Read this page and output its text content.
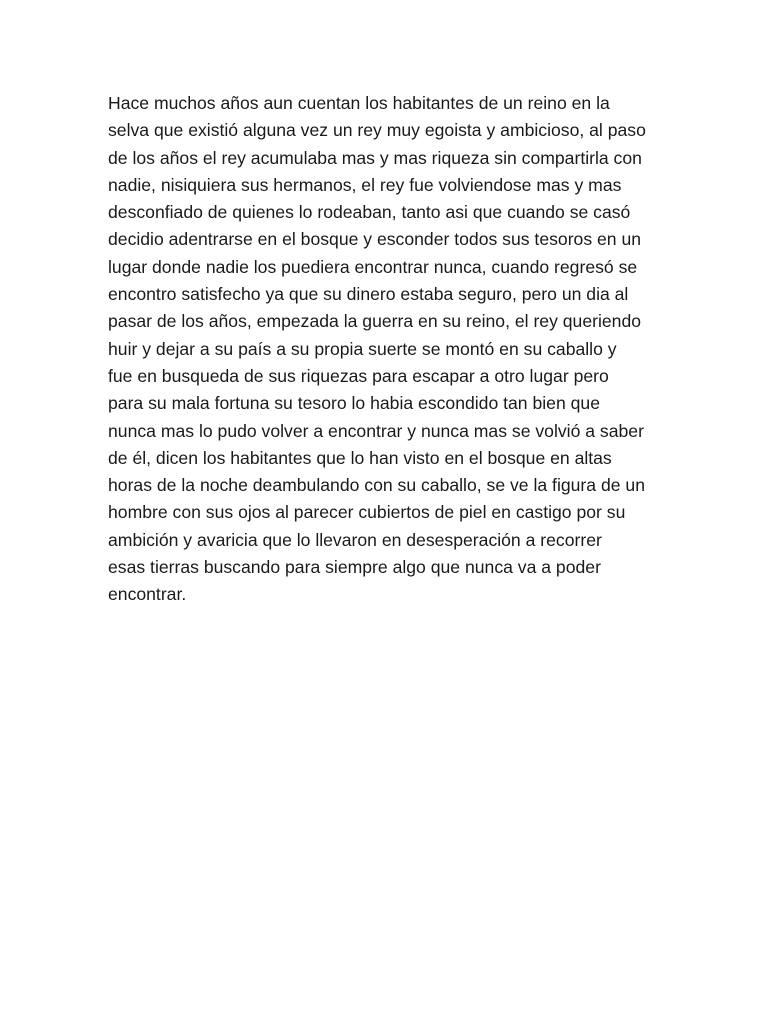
Hace muchos años aun cuentan los habitantes de un reino en la
selva que existió alguna vez un rey muy egoista y ambicioso, al paso
de los años el rey acumulaba mas y mas riqueza sin compartirla con
nadie, nisiquiera sus hermanos, el rey fue volviendose mas y mas
desconfiado de quienes lo rodeaban, tanto asi que cuando se casó
decidio adentrarse en el bosque y esconder todos sus tesoros en un
lugar donde nadie los puediera encontrar nunca, cuando regresó se
encontro satisfecho ya que su dinero estaba seguro, pero un dia al
pasar de los años, empezada la guerra en su reino, el rey queriendo
huir y dejar a su país a su propia suerte se montó en su caballo y
fue en busqueda de sus riquezas para escapar a otro lugar pero
para su mala fortuna su tesoro lo habia escondido tan bien que
nunca mas lo pudo volver a encontrar y nunca mas se volvió a saber
de él, dicen los habitantes que lo han visto en el bosque en altas
horas de la noche deambulando con su caballo, se ve la figura de un
hombre con sus ojos al parecer cubiertos de piel en castigo por su
ambición y avaricia que lo llevaron en desesperación a recorrer
esas tierras buscando para siempre algo que nunca va a poder
encontrar.
